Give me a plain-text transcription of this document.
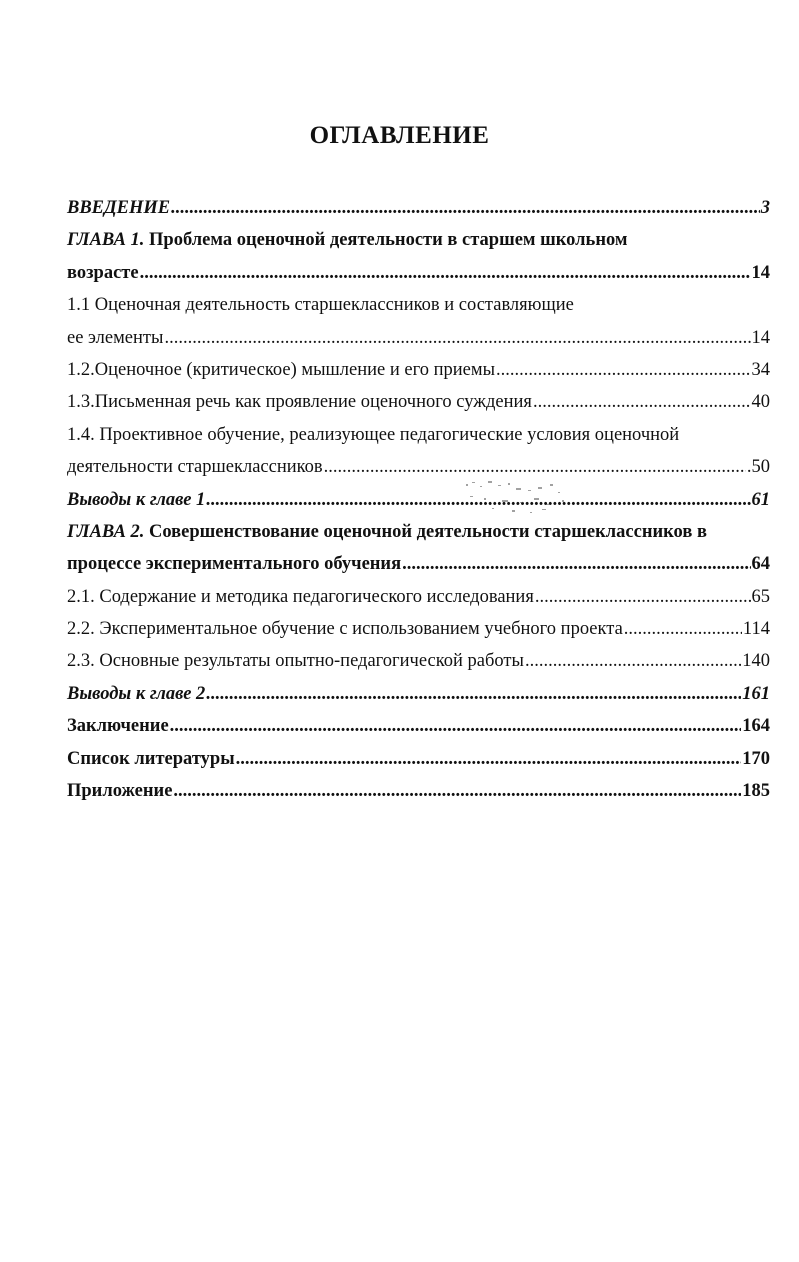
ОГЛАВЛЕНИЕ
ВВЕДЕНИЕ .....	3
ГЛАВА 1. Проблема оценочной деятельности в старшем школьном
возрасте .....	14
1.1 Оценочная деятельность старшеклассников и составляющие
ее элементы .....	14
1.2.Оценочное (критическое) мышление и его приемы .....	34
1.3.Письменная речь как проявление оценочного суждения .....	40
1.4. Проективное обучение, реализующее педагогические условия оценочной
деятельности старшеклассников .....	.50
Выводы к главе 1 .....	61
ГЛАВА 2. Совершенствование оценочной деятельности старшеклассников в
процессе экспериментального обучения .....	64
2.1. Содержание и методика педагогического исследования .....	65
2.2. Экспериментальное обучение с использованием учебного проекта .....	114
2.3. Основные результаты опытно-педагогической работы .....	140
Выводы к главе 2 .....	161
Заключение .....	164
Список литературы .....	170
Приложение .....	185
